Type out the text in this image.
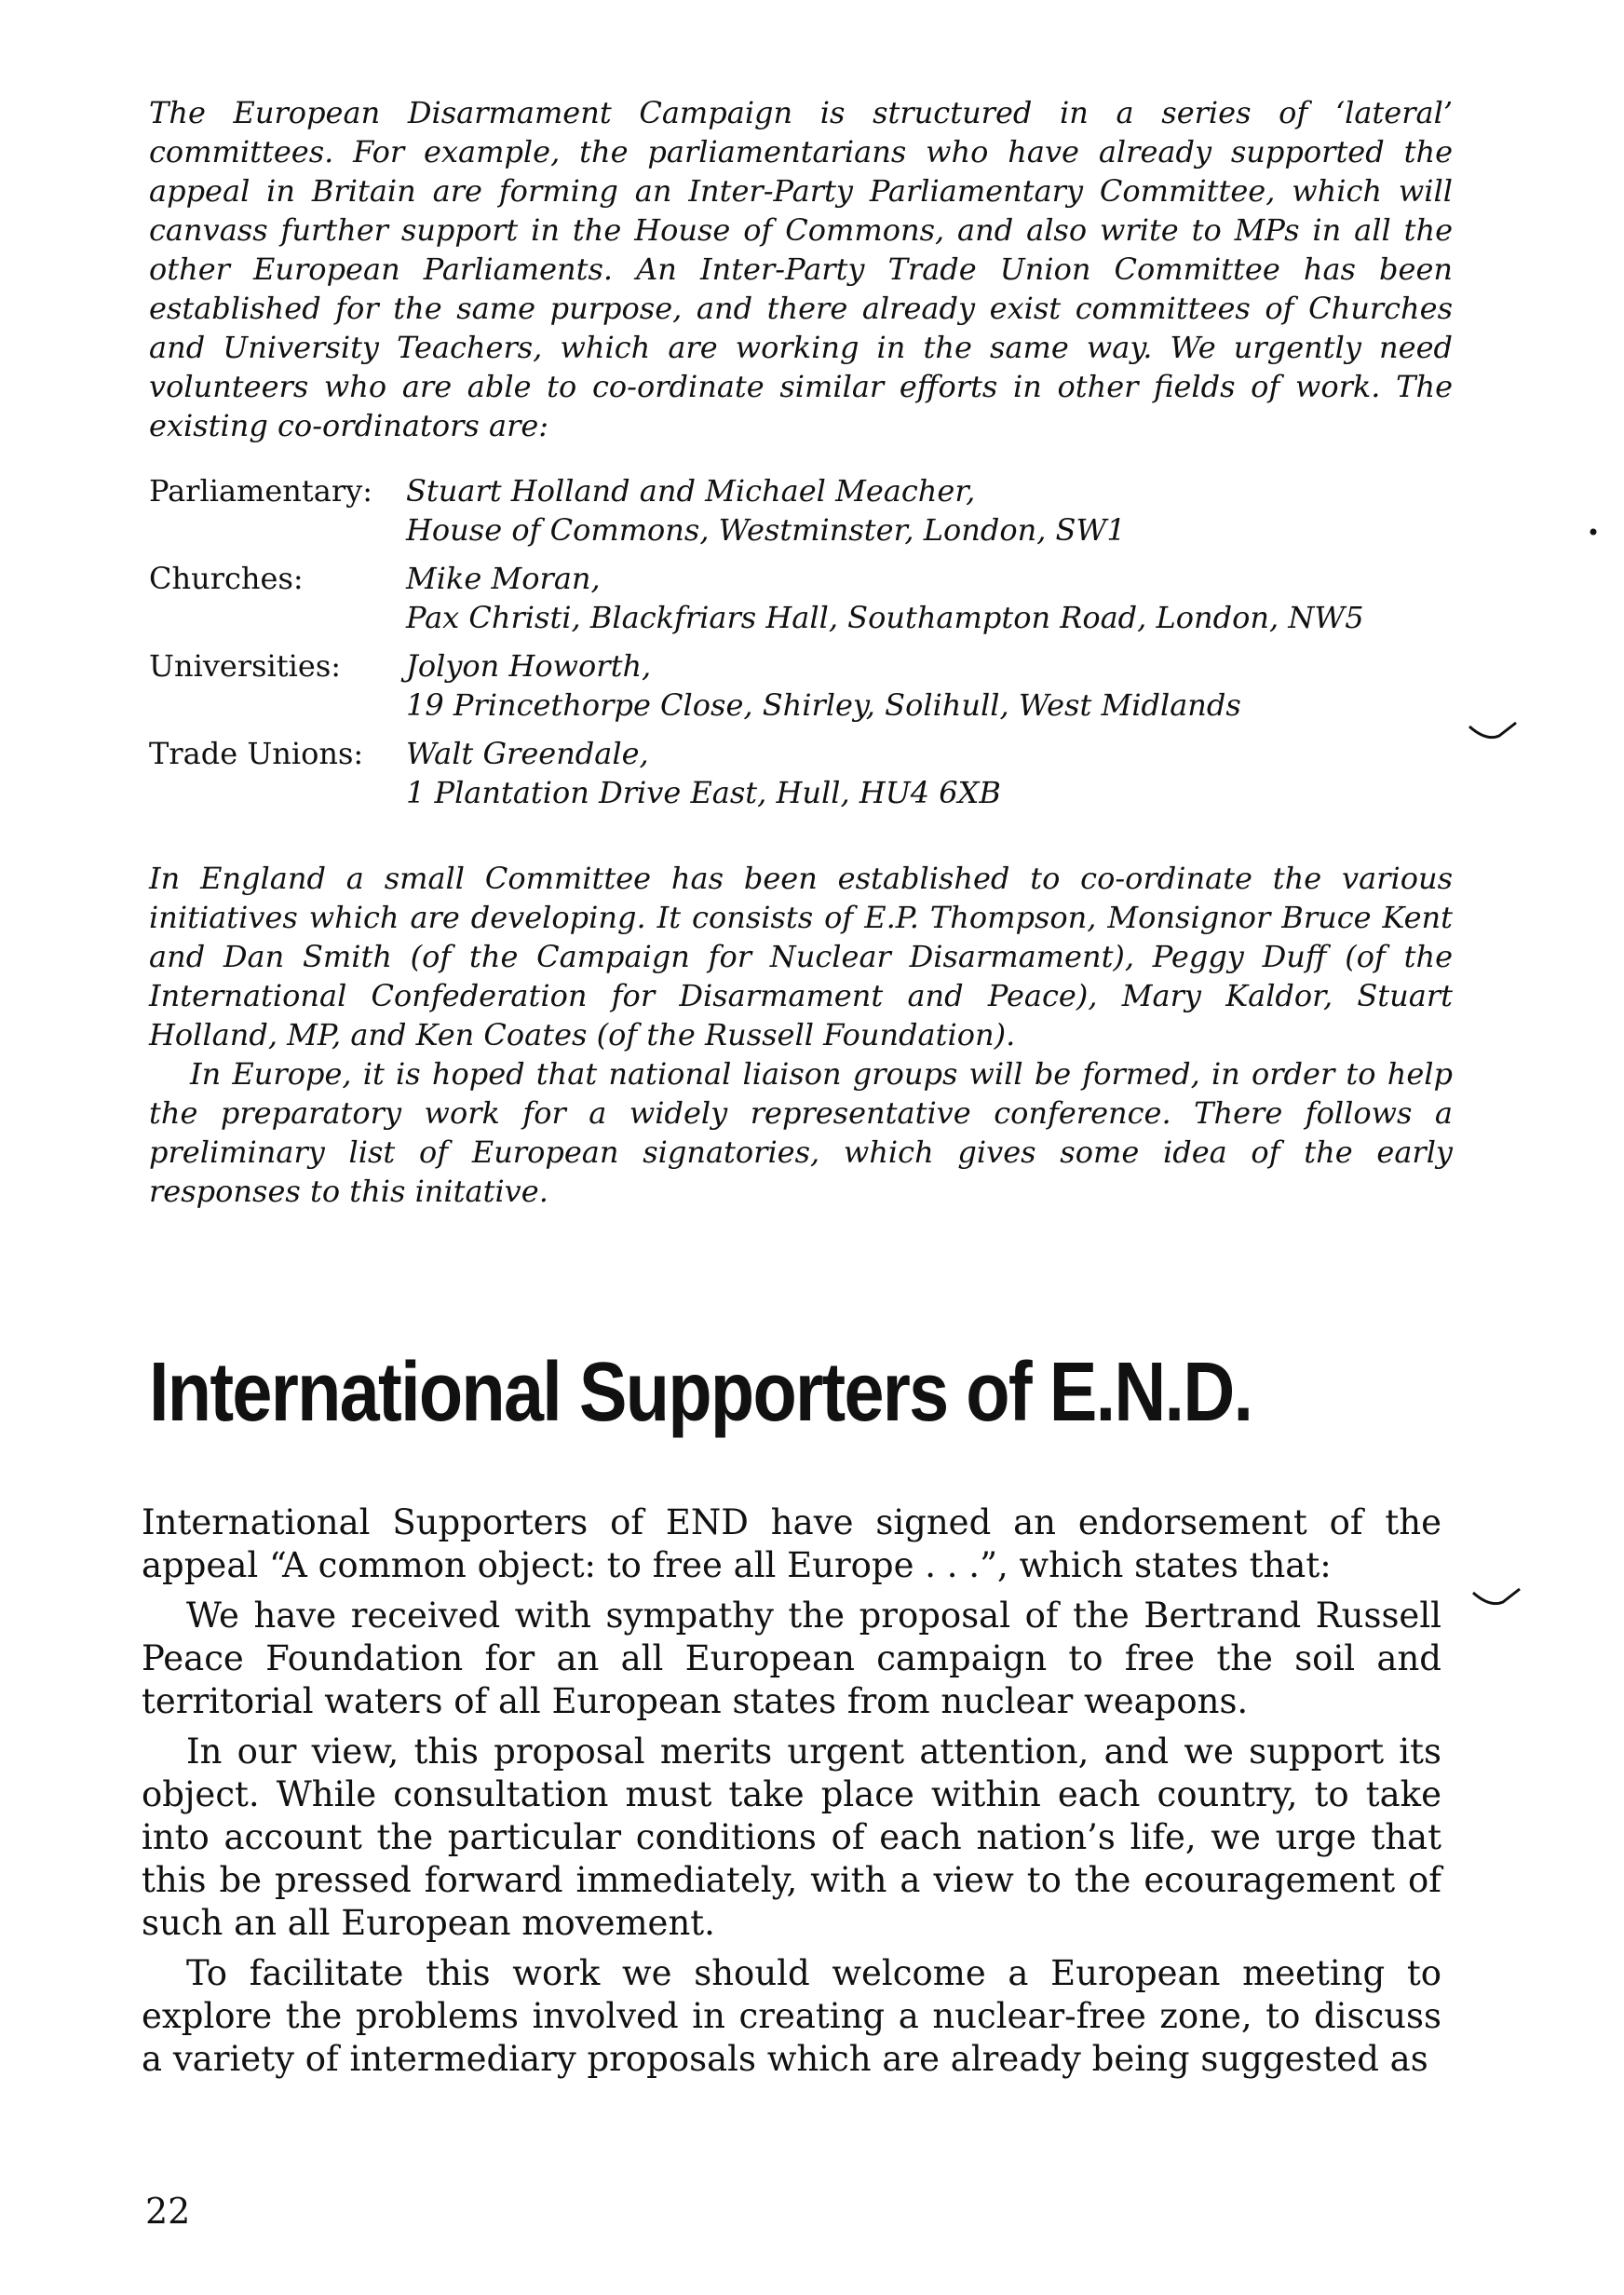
The European Disarmament Campaign is structured in a series of ‘lateral’ committees. For example, the parliamentarians who have already supported the appeal in Britain are forming an Inter-Party Parliamentary Committee, which will canvass further support in the House of Commons, and also write to MPs in all the other European Parliaments. An Inter-Party Trade Union Committee has been established for the same purpose, and there already exist committees of Churches and University Teachers, which are working in the same way. We urgently need volunteers who are able to co-ordinate similar efforts in other fields of work. The existing co-ordinators are:

Parliamentary:	Stuart Holland and Michael Meacher,
House of Commons, Westminster, London, SW1
Churches:	Mike Moran,
Pax Christi, Blackfriars Hall, Southampton Road, London, NW5
Universities:	Jolyon Howorth,
19 Princethorpe Close, Shirley, Solihull, West Midlands
Trade Unions:	Walt Greendale,
1 Plantation Drive East, Hull, HU4 6XB

In England a small Committee has been established to co-ordinate the various initiatives which are developing. It consists of E.P. Thompson, Monsignor Bruce Kent and Dan Smith (of the Campaign for Nuclear Disarmament), Peggy Duff (of the International Confederation for Disarmament and Peace), Mary Kaldor, Stuart Holland, MP, and Ken Coates (of the Russell Foundation).

In Europe, it is hoped that national liaison groups will be formed, in order to help the preparatory work for a widely representative conference. There follows a preliminary list of European signatories, which gives some idea of the early responses to this initative.

International Supporters of E.N.D.

International Supporters of END have signed an endorsement of the appeal “A common object: to free all Europe . . .”, which states that:

We have received with sympathy the proposal of the Bertrand Russell Peace Foundation for an all European campaign to free the soil and territorial waters of all European states from nuclear weapons.

In our view, this proposal merits urgent attention, and we support its object. While consultation must take place within each country, to take into account the particular conditions of each nation’s life, we urge that this be pressed forward immediately, with a view to the ecouragement of such an all European movement.

To facilitate this work we should welcome a European meeting to explore the problems involved in creating a nuclear-free zone, to discuss a variety of intermediary proposals which are already being suggested as

22
